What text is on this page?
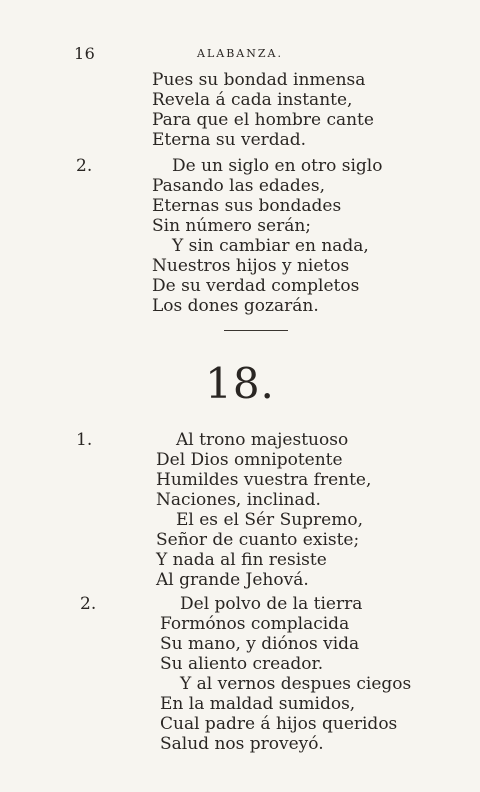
16	ALABANZA.
Pues su bondad inmensa
Revela á cada instante,
Para que el hombre cante
Eterna su verdad.
2.	De un siglo en otro siglo
Pasando las edades,
Eternas sus bondades
Sin número serán;
Y sin cambiar en nada,
Nuestros hijos y nietos
De su verdad completos
Los dones gozarán.
18.
1.	Al trono majestuoso
Del Dios omnipotente
Humildes vuestra frente,
Naciones, inclinad.
El es el Sér Supremo,
Señor de cuanto existe;
Y nada al fin resiste
Al grande Jehová.
2.	Del polvo de la tierra
Formónos complacida
Su mano, y diónos vida
Su aliento creador.
Y al vernos despues ciegos
En la maldad sumidos,
Cual padre á hijos queridos
Salud nos proveyó.
